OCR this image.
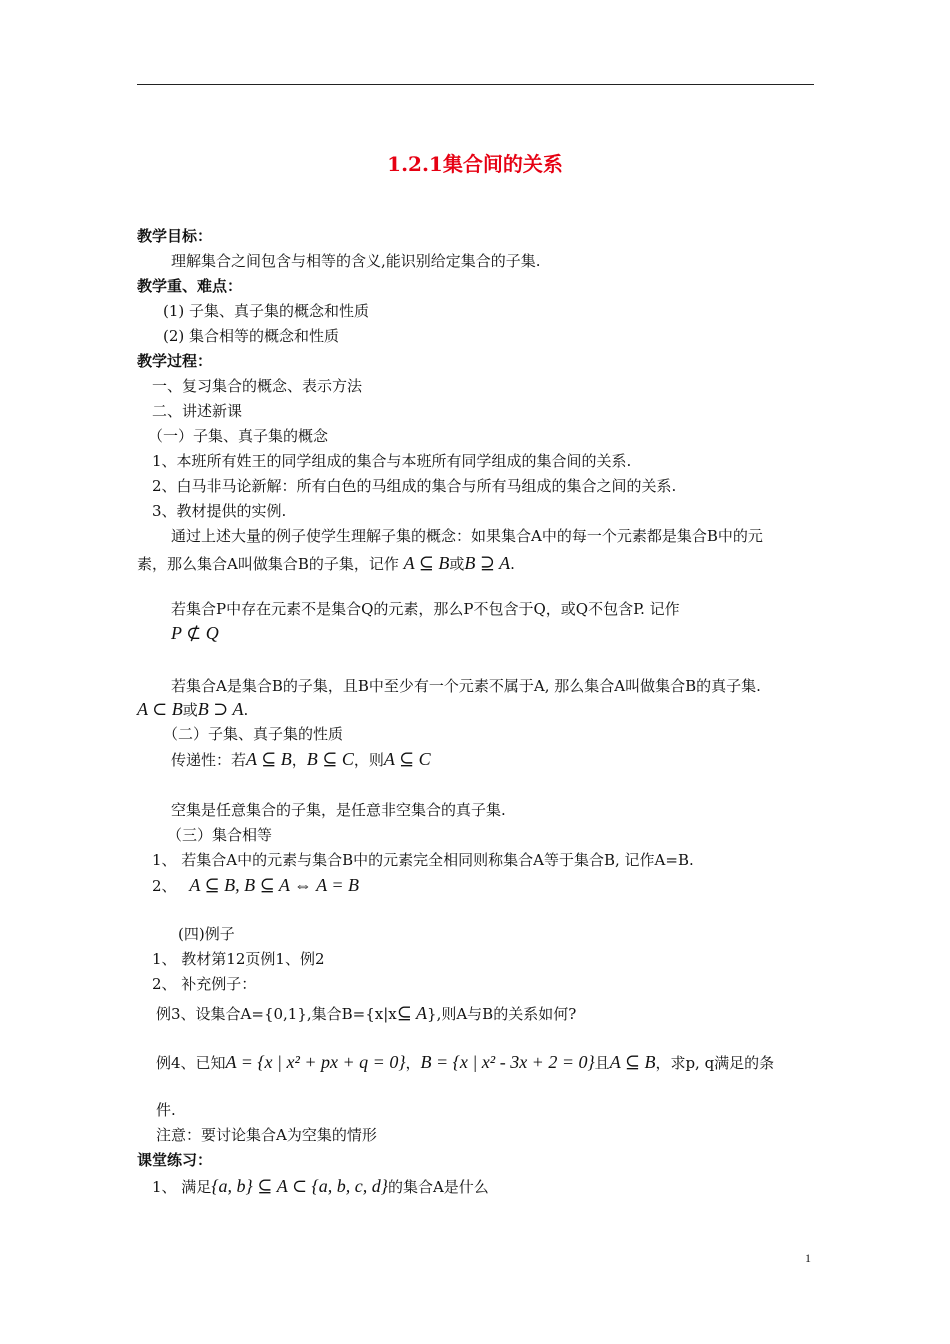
1.2.1集合间的关系
教学目标：
理解集合之间包含与相等的含义,能识别给定集合的子集.
教学重、难点：
(1) 子集、真子集的概念和性质
(2) 集合相等的概念和性质
教学过程：
一、复习集合的概念、表示方法
二、讲述新课
（一）子集、真子集的概念
1、本班所有姓王的同学组成的集合与本班所有同学组成的集合间的关系.
2、白马非马论新解：所有白色的马组成的集合与所有马组成的集合之间的关系.
3、教材提供的实例.
通过上述大量的例子使学生理解子集的概念：如果集合A中的每一个元素都是集合B中的元
素，那么集合A叫做集合B的子集，记作 A ⊆ B或B ⊇ A.
若集合P中存在元素不是集合Q的元素，那么P不包含于Q，或Q不包含P. 记作
P ⊄ Q
若集合A是集合B的子集，且B中至少有一个元素不属于A, 那么集合A叫做集合B的真子集.
A ⊂ B或B ⊃ A.
（二）子集、真子集的性质
传递性：若A ⊆ B，B ⊆ C，则A ⊆ C
空集是任意集合的子集，是任意非空集合的真子集.
（三）集合相等
1、 若集合A中的元素与集合B中的元素完全相同则称集合A等于集合B, 记作A=B.
2、 A ⊆ B, B ⊆ A ⇔ A = B
(四)例子
1、 教材第12页例1、例2
2、 补充例子：
例3、设集合A={0,1},集合B={x|x⊆ A},则A与B的关系如何?
例4、已知A = {x | x² + px + q = 0}，B = {x | x² - 3x + 2 = 0}且A ⊆ B，求p, q满足的条
件.
注意：要讨论集合A为空集的情形
课堂练习：
1、 满足{a, b} ⊆ A ⊂ {a, b, c, d}的集合A是什么
1
